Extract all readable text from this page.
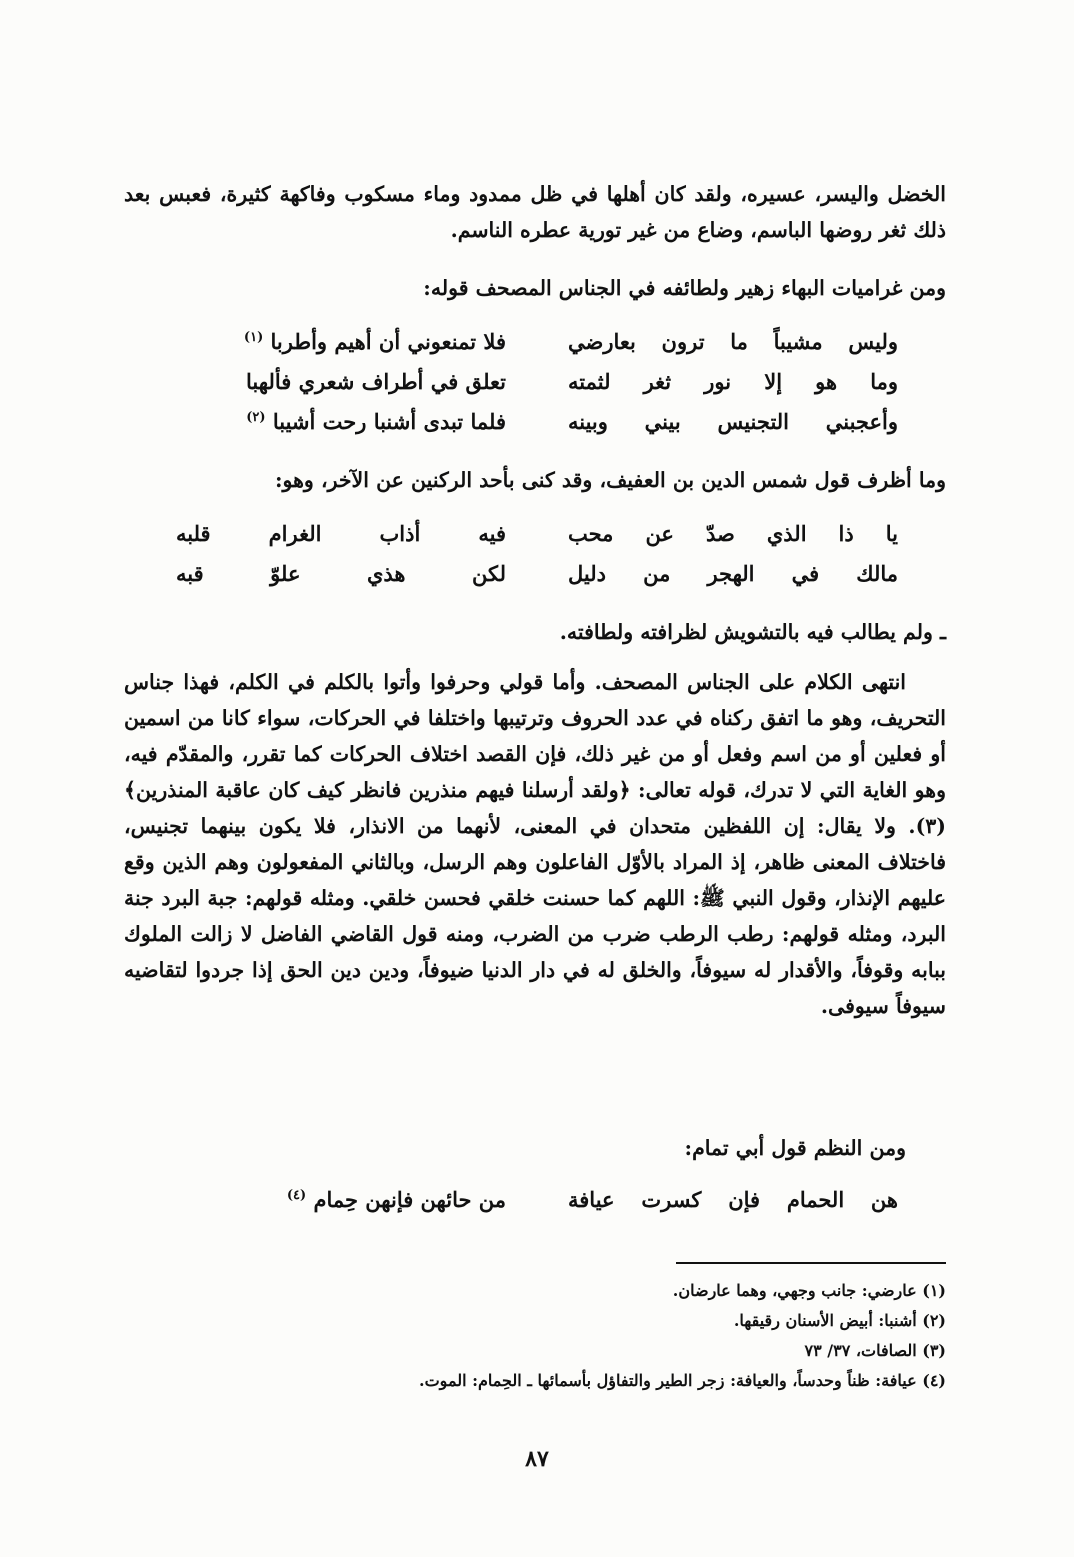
الخضل واليسر، عسيره، ولقد كان أهلها في ظل ممدود وماء مسكوب وفاكهة كثيرة، فعبس بعد ذلك ثغر روضها الباسم، وضاع من غير تورية عطره الناسم.

ومن غراميات البهاء زهير ولطائفه في الجناس المصحف قوله:

وليس مشيباً ما ترون بعارضي
فلا تمنعوني أن أهيم وأطربا $^{(١)}$
وما هو إلا نور ثغر لثمته
تعلق في أطراف شعري فألهبا
وأعجبني التجنيس بيني وبينه
فلما تبدى أشنبا رحت أشيبا $^{(٢)}$

وما أظرف قول شمس الدين بن العفيف، وقد كنى بأحد الركنين عن الآخر، وهو:

يا ذا الذي صدّ عن محب
فيه أذاب الغرام قلبه
مالك في الهجر من دليل
لكن هذي علوّ قبه

ـ ولم يطالب فيه بالتشويش لظرافته ولطافته.

انتهى الكلام على الجناس المصحف. وأما قولي وحرفوا وأتوا بالكلم في الكلم، فهذا جناس التحريف، وهو ما اتفق ركناه في عدد الحروف وترتيبها واختلفا في الحركات، سواء كانا من اسمين أو فعلين أو من اسم وفعل أو من غير ذلك، فإن القصد اختلاف الحركات كما تقرر، والمقدّم فيه، وهو الغاية التي لا تدرك، قوله تعالى: ﴿ولقد أرسلنا فيهم منذرين فانظر كيف كان عاقبة المنذرين﴾ (٣). ولا يقال: إن اللفظين متحدان في المعنى، لأنهما من الانذار، فلا يكون بينهما تجنيس، فاختلاف المعنى ظاهر، إذ المراد بالأوّل الفاعلون وهم الرسل، وبالثاني المفعولون وهم الذين وقع عليهم الإنذار، وقول النبي ﷺ: اللهم كما حسنت خلقي فحسن خلقي. ومثله قولهم: جبة البرد جنة البرد، ومثله قولهم: رطب الرطب ضرب من الضرب، ومنه قول القاضي الفاضل لا زالت الملوك ببابه وقوفاً، والأقدار له سيوفاً، والخلق له في دار الدنيا ضيوفاً، ودين دين الحق إذا جردوا لتقاضيه سيوفاً سيوفى.

ومن النظم قول أبي تمام:

هن الحمام فإن كسرت عيافة
من حائهن فإنهن حِمام $^{(٤)}$
(١) عارضي: جانب وجهي، وهما عارضان.
(٢) أشنبا: أبيض الأسنان رقيقها.
(٣) الصافات، ٣٧/ ٧٣
(٤) عيافة: ظناً وحدساً، والعيافة: زجر الطير والتفاؤل بأسمائها ـ الحِمام: الموت.
٨٧
